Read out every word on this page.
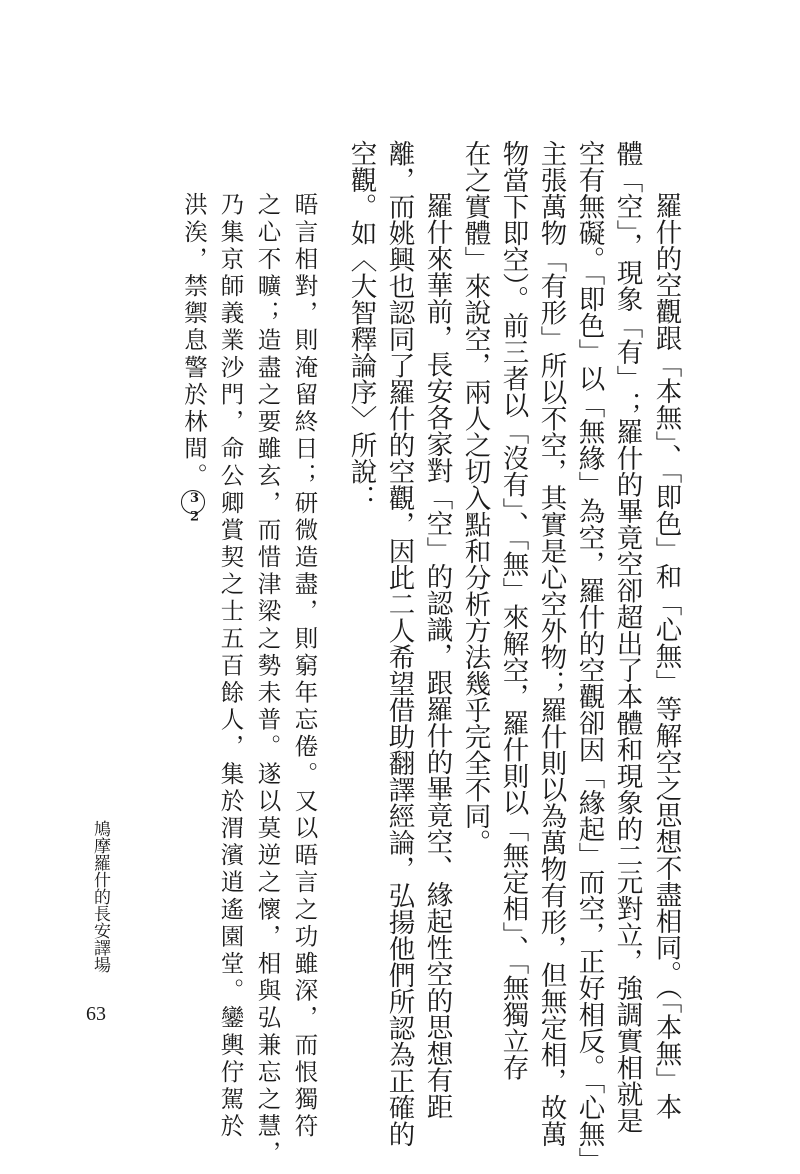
羅什的空觀跟「本無」、「即色」和「心無」等解空之思想不盡相同。（「本無」本
體「空」，現象「有」；羅什的畢竟空卻超出了本體和現象的二元對立，強調實相就是
空有無礙。「即色」以「無緣」為空，羅什的空觀卻因「緣起」而空，正好相反。「心無」
主張萬物「有形」所以不空，其實是心空外物；羅什則以為萬物有形，但無定相，故萬
物當下即空）。前三者以「沒有」、「無」來解空，羅什則以「無定相」、「無獨立存
在之實體」來說空，兩人之切入點和分析方法幾乎完全不同。
羅什來華前，長安各家對「空」的認識，跟羅什的畢竟空、緣起性空的思想有距
離，而姚興也認同了羅什的空觀，因此二人希望借助翻譯經論，弘揚他們所認為正確的
空觀。如〈大智釋論序〉所說：
晤言相對，則淹留終日；研微造盡，則窮年忘倦。又以晤言之功雖深，而恨獨符
之心不曠；造盡之要雖玄，而惜津梁之勢未普。遂以莫逆之懷，相與弘兼忘之慧，
乃集京師義業沙門，命公卿賞契之士五百餘人，集於渭濱逍遙園堂。鑾輿佇駕於
洪涘，禁禦息警於林間。32
鳩摩羅什的長安譯場
63
